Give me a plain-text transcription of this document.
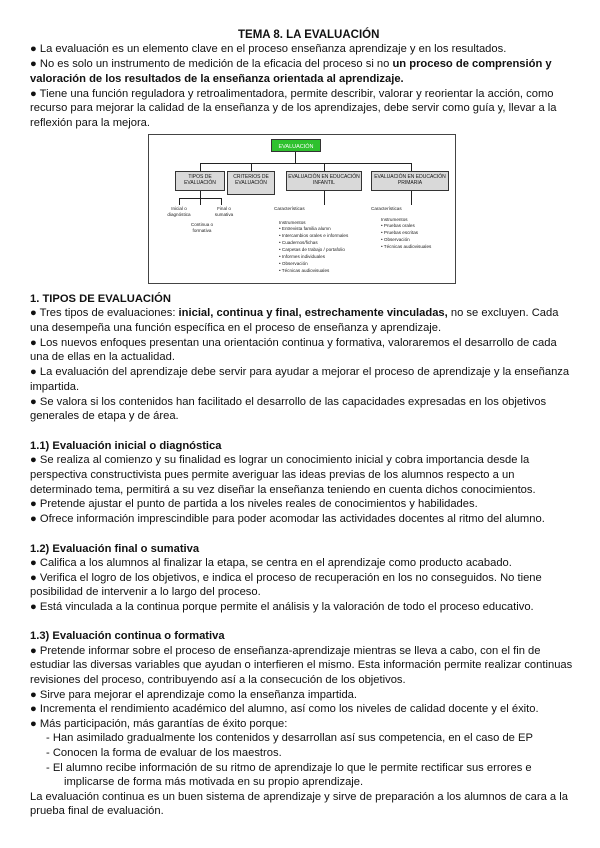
TEMA 8. LA EVALUACIÓN
● La evaluación es un elemento clave en el proceso enseñanza aprendizaje y en los resultados.
● No es solo un instrumento de medición de la eficacia del proceso si no un proceso de comprensión y
valoración de los resultados de la enseñanza orientada al aprendizaje.
● Tiene una función reguladora y retroalimentadora, permite describir, valorar y reorientar la acción, como
recurso para mejorar la calidad de la enseñanza y de los aprendizajes, debe servir como guía y, llevar a la
reflexión para la mejora.
EVALUACIÓN
TIPOS DE EVALUACIÓN
CRITERIOS DE EVALUACIÓN
EVALUACIÓN EN EDUCACIÓN INFANTIL
EVALUACIÓN EN EDUCACIÓN PRIMARIA
Inicial o diagnóstica
Final o sumativa
Continua o formativa
Características
Instrumentos
• Entrevista familia alumn
• Intercambios orales e informales
• Cuadernos/fichas
• Carpetas de trabajo / portafolio
• Informes individuales
• Observación
• Técnicas audiovisuales
Características
Instrumentos
• Pruebas orales
• Pruebas escritas
• Observación
• Técnicas audiovisuales
1. TIPOS DE EVALUACIÓN
● Tres tipos de evaluaciones: inicial, continua y final, estrechamente vinculadas, no se excluyen. Cada
una desempeña una función específica en el proceso de enseñanza y aprendizaje.
● Los nuevos enfoques presentan una orientación continua y formativa, valoraremos el desarrollo de cada
una de ellas en la actualidad.
● La evaluación del aprendizaje debe servir para ayudar a mejorar el proceso de aprendizaje y la enseñanza
impartida.
● Se valora si los contenidos han facilitado el desarrollo de las capacidades expresadas en los objetivos
generales de etapa y de área.
1.1) Evaluación inicial o diagnóstica
● Se realiza al comienzo y su finalidad es lograr un conocimiento inicial y cobra importancia desde la
perspectiva constructivista pues permite averiguar las ideas previas de los alumnos respecto a un
determinado tema, permitirá a su vez diseñar la enseñanza teniendo en cuenta dichos conocimientos.
● Pretende ajustar el punto de partida a los niveles reales de conocimientos y habilidades.
● Ofrece información imprescindible para poder acomodar las actividades docentes al ritmo del alumno.
1.2) Evaluación final o sumativa
● Califica a los alumnos al finalizar la etapa, se centra en el aprendizaje como producto acabado.
● Verifica el logro de los objetivos, e indica el proceso de recuperación en los no conseguidos. No tiene
posibilidad de intervenir a lo largo del proceso.
● Está vinculada a la continua porque permite el análisis y la valoración de todo el proceso educativo.
1.3) Evaluación continua o formativa
● Pretende informar sobre el proceso de enseñanza-aprendizaje mientras se lleva a cabo, con el fin de
estudiar las diversas variables que ayudan o interfieren el mismo. Esta información permite realizar continuas
revisiones del proceso, contribuyendo así a la consecución de los objetivos.
● Sirve para mejorar el aprendizaje como la enseñanza impartida.
● Incrementa el rendimiento académico del alumno, así como los niveles de calidad docente y el éxito.
● Más participación, más garantías de éxito porque:
- Han asimilado gradualmente los contenidos y desarrollan así sus competencia, en el caso de EP
- Conocen la forma de evaluar de los maestros.
- El alumno recibe información de su ritmo de aprendizaje lo que le permite rectificar sus errores e
implicarse de forma más motivada en su propio aprendizaje.
La evaluación continua es un buen sistema de aprendizaje y sirve de preparación a los alumnos de cara a la
prueba final de evaluación.
